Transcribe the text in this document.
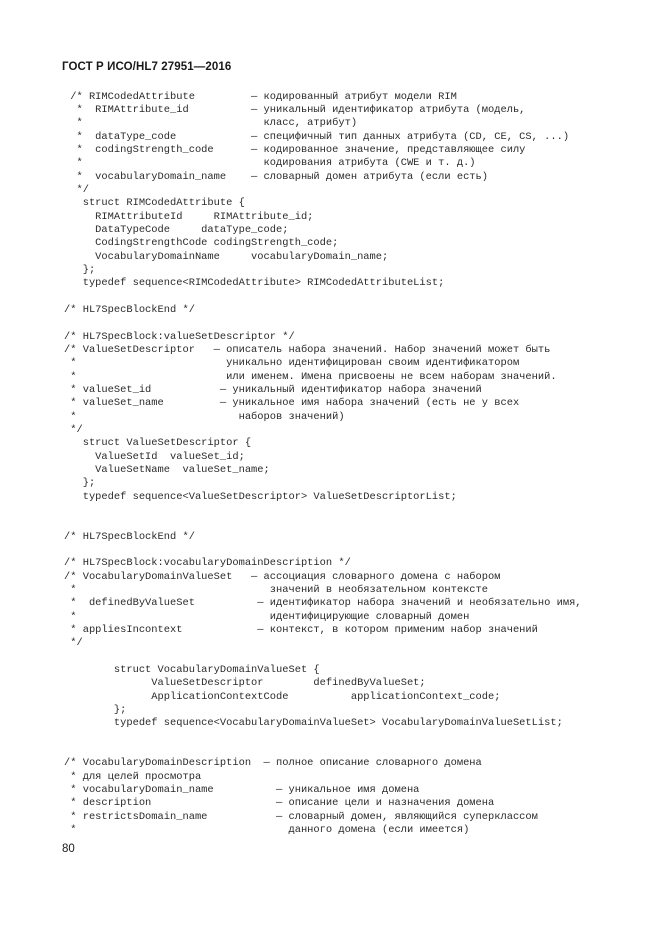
ГОСТ Р ИСО/HL7 27951—2016
/* RIMCodedAttribute         — кодированный атрибут модели RIM
*  RIMAttribute_id          — уникальный идентификатор атрибута (модель,
*                             класс, атрибут)
*  dataType_code            — специфичный тип данных атрибута (CD, CE, CS, ...)
*  codingStrength_code      — кодированное значение, представляющее силу
*                             кодирования атрибута (CWE и т. д.)
*  vocabularyDomain_name    — словарный домен атрибута (если есть)
*/
struct RIMCodedAttribute {
RIMAttributeId     RIMAttribute_id;
DataTypeCode     dataType_code;
CodingStrengthCode codingStrength_code;
VocabularyDomainName     vocabularyDomain_name;
};
typedef sequence<RIMCodedAttribute> RIMCodedAttributeList;
/* HL7SpecBlockEnd */
/* HL7SpecBlock:valueSetDescriptor */
/* ValueSetDescriptor   — описатель набора значений. Набор значений может быть
*                        уникально идентифицирован своим идентификатором
*                        или именем. Имена присвоены не всем наборам значений.
* valueSet_id           — уникальный идентификатор набора значений
* valueSet_name         — уникальное имя набора значений (есть не у всех
*                          наборов значений)
*/
struct ValueSetDescriptor {
ValueSetId  valueSet_id;
ValueSetName  valueSet_name;
};
typedef sequence<ValueSetDescriptor> ValueSetDescriptorList;
/* HL7SpecBlockEnd */
/* HL7SpecBlock:vocabularyDomainDescription */
/* VocabularyDomainValueSet   — ассоциация словарного домена с набором
*                               значений в необязательном контексте
*  definedByValueSet          — идентификатор набора значений и необязательно имя,
*                               идентифицирующие словарный домен
* appliesIncontext            — контекст, в котором применим набор значений
*/
struct VocabularyDomainValueSet {
ValueSetDescriptor        definedByValueSet;
ApplicationContextCode          applicationContext_code;
};
typedef sequence<VocabularyDomainValueSet> VocabularyDomainValueSetList;
/* VocabularyDomainDescription  — полное описание словарного домена
* для целей просмотра
* vocabularyDomain_name          — уникальное имя домена
* description                    — описание цели и назначения домена
* restrictsDomain_name           — словарный домен, являющийся суперклассом
*                                  данного домена (если имеется)
80
